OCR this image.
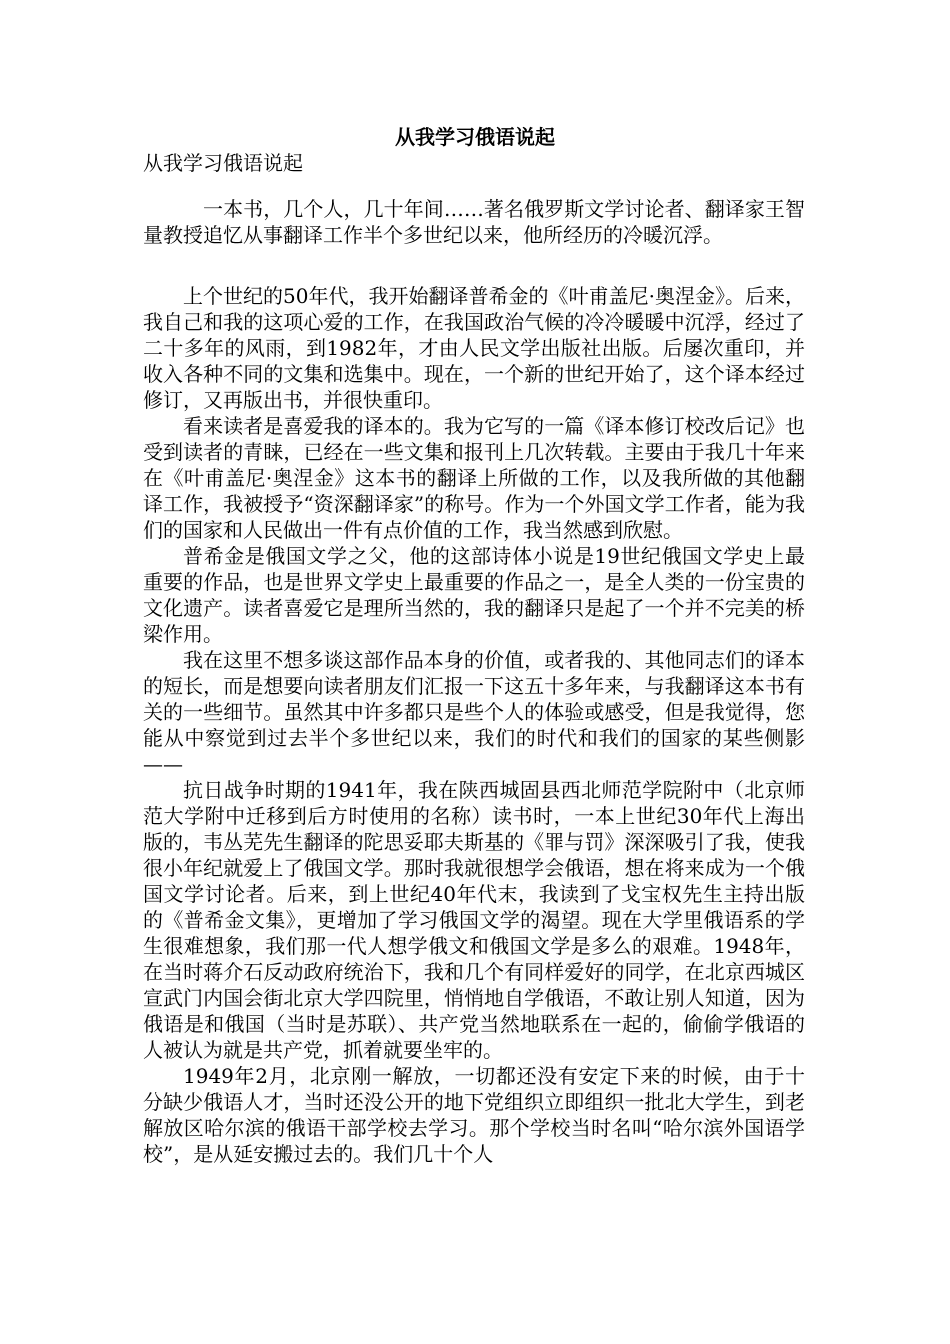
从我学习俄语说起
从我学习俄语说起

一本书，几个人，几十年间……著名俄罗斯文学讨论者、翻译家王智量教授追忆从事翻译工作半个多世纪以来，他所经历的冷暖沉浮。

上个世纪的50年代，我开始翻译普希金的《叶甫盖尼·奥涅金》。后来，我自己和我的这项心爱的工作，在我国政治气候的冷冷暖暖中沉浮，经过了二十多年的风雨，到1982年，才由人民文学出版社出版。后屡次重印，并收入各种不同的文集和选集中。现在，一个新的世纪开始了，这个译本经过修订，又再版出书，并很快重印。

看来读者是喜爱我的译本的。我为它写的一篇《译本修订校改后记》也受到读者的青睐，已经在一些文集和报刊上几次转载。主要由于我几十年来在《叶甫盖尼·奥涅金》这本书的翻译上所做的工作，以及我所做的其他翻译工作，我被授予“资深翻译家”的称号。作为一个外国文学工作者，能为我们的国家和人民做出一件有点价值的工作，我当然感到欣慰。

普希金是俄国文学之父，他的这部诗体小说是19世纪俄国文学史上最重要的作品，也是世界文学史上最重要的作品之一，是全人类的一份宝贵的文化遗产。读者喜爱它是理所当然的，我的翻译只是起了一个并不完美的桥梁作用。

我在这里不想多谈这部作品本身的价值，或者我的、其他同志们的译本的短长，而是想要向读者朋友们汇报一下这五十多年来，与我翻译这本书有关的一些细节。虽然其中许多都只是些个人的体验或感受，但是我觉得，您能从中察觉到过去半个多世纪以来，我们的时代和我们的国家的某些侧影——

抗日战争时期的1941年，我在陕西城固县西北师范学院附中（北京师范大学附中迁移到后方时使用的名称）读书时，一本上世纪30年代上海出版的，韦丛芜先生翻译的陀思妥耶夫斯基的《罪与罚》深深吸引了我，使我很小年纪就爱上了俄国文学。那时我就很想学会俄语，想在将来成为一个俄国文学讨论者。后来，到上世纪40年代末，我读到了戈宝权先生主持出版的《普希金文集》，更增加了学习俄国文学的渴望。现在大学里俄语系的学生很难想象，我们那一代人想学俄文和俄国文学是多么的艰难。1948年，在当时蒋介石反动政府统治下，我和几个有同样爱好的同学，在北京西城区宣武门内国会街北京大学四院里，悄悄地自学俄语，不敢让别人知道，因为俄语是和俄国（当时是苏联）、共产党当然地联系在一起的，偷偷学俄语的人被认为就是共产党，抓着就要坐牢的。

1949年2月，北京刚一解放，一切都还没有安定下来的时候，由于十分缺少俄语人才，当时还没公开的地下党组织立即组织一批北大学生，到老解放区哈尔滨的俄语干部学校去学习。那个学校当时名叫“哈尔滨外国语学校”，是从延安搬过去的。我们几十个人
